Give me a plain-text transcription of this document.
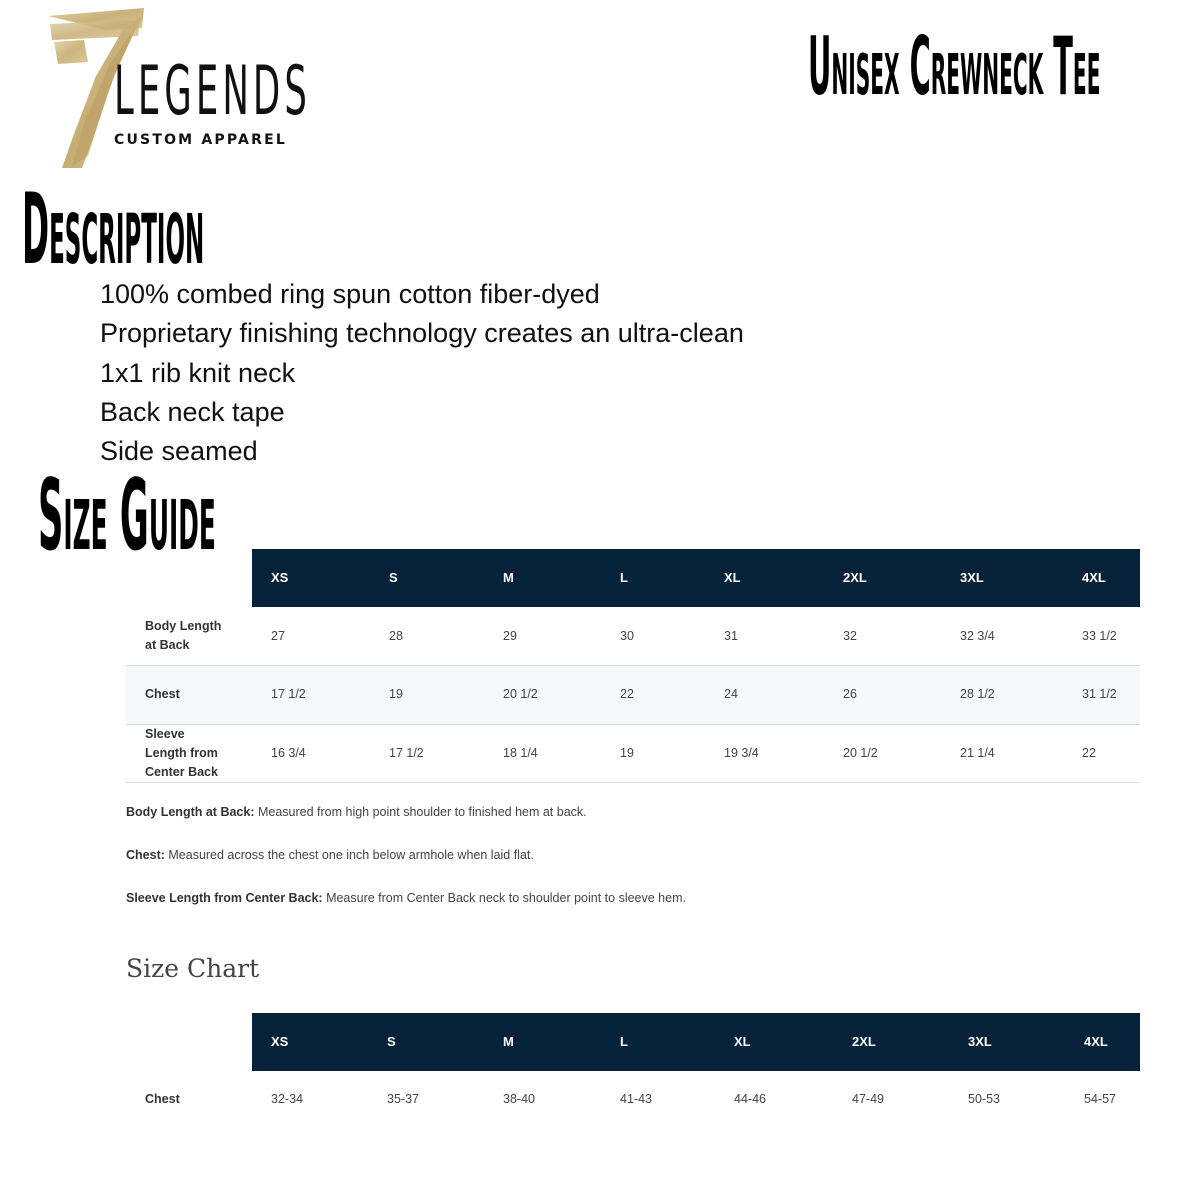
LEGENDS
CUSTOM APPAREL
Unisex Crewneck Tee
Description
100% combed ring spun cotton fiber-dyed
Proprietary finishing technology creates an ultra-clean
1x1 rib knit neck
Back neck tape
Side seamed
Size Guide
XS	S	M	L	XL	2XL	3XL	4XL
Body Length
at Back
27	28	29	30	31	32	32 3/4	33 1/2
Chest	17 1/2	19	20 1/2	22	24	26	28 1/2	31 1/2
Sleeve
Length from
Center Back
16 3/4	17 1/2	18 1/4	19	19 3/4	20 1/2	21 1/4	22
Body Length at Back: Measured from high point shoulder to finished hem at back.
Chest: Measured across the chest one inch below armhole when laid flat.
Sleeve Length from Center Back: Measure from Center Back neck to shoulder point to sleeve hem.
Size Chart
XS	S	M	L	XL	2XL	3XL	4XL
Chest	32-34	35-37	38-40	41-43	44-46	47-49	50-53	54-57
